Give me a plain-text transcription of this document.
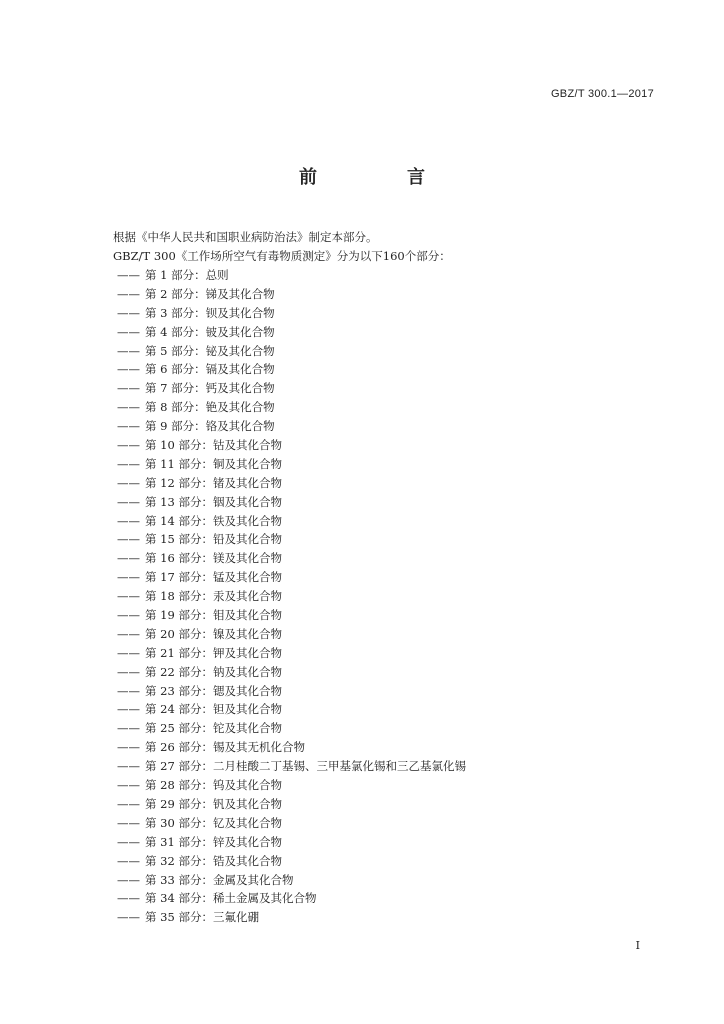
GBZ/T 300.1—2017
前　言
根据《中华人民共和国职业病防治法》制定本部分。
GBZ/T 300《工作场所空气有毒物质测定》分为以下160个部分：
—— 第 1 部分：总则
—— 第 2 部分：锑及其化合物
—— 第 3 部分：钡及其化合物
—— 第 4 部分：铍及其化合物
—— 第 5 部分：铋及其化合物
—— 第 6 部分：镉及其化合物
—— 第 7 部分：钙及其化合物
—— 第 8 部分：铯及其化合物
—— 第 9 部分：铬及其化合物
—— 第 10 部分：钴及其化合物
—— 第 11 部分：铜及其化合物
—— 第 12 部分：锗及其化合物
—— 第 13 部分：铟及其化合物
—— 第 14 部分：铁及其化合物
—— 第 15 部分：铅及其化合物
—— 第 16 部分：镁及其化合物
—— 第 17 部分：锰及其化合物
—— 第 18 部分：汞及其化合物
—— 第 19 部分：钼及其化合物
—— 第 20 部分：镍及其化合物
—— 第 21 部分：钾及其化合物
—— 第 22 部分：钠及其化合物
—— 第 23 部分：锶及其化合物
—— 第 24 部分：钽及其化合物
—— 第 25 部分：铊及其化合物
—— 第 26 部分：锡及其无机化合物
—— 第 27 部分：二月桂酸二丁基锡、三甲基氯化锡和三乙基氯化锡
—— 第 28 部分：钨及其化合物
—— 第 29 部分：钒及其化合物
—— 第 30 部分：钇及其化合物
—— 第 31 部分：锌及其化合物
—— 第 32 部分：锆及其化合物
—— 第 33 部分：金属及其化合物
—— 第 34 部分：稀土金属及其化合物
—— 第 35 部分：三氟化硼
I
